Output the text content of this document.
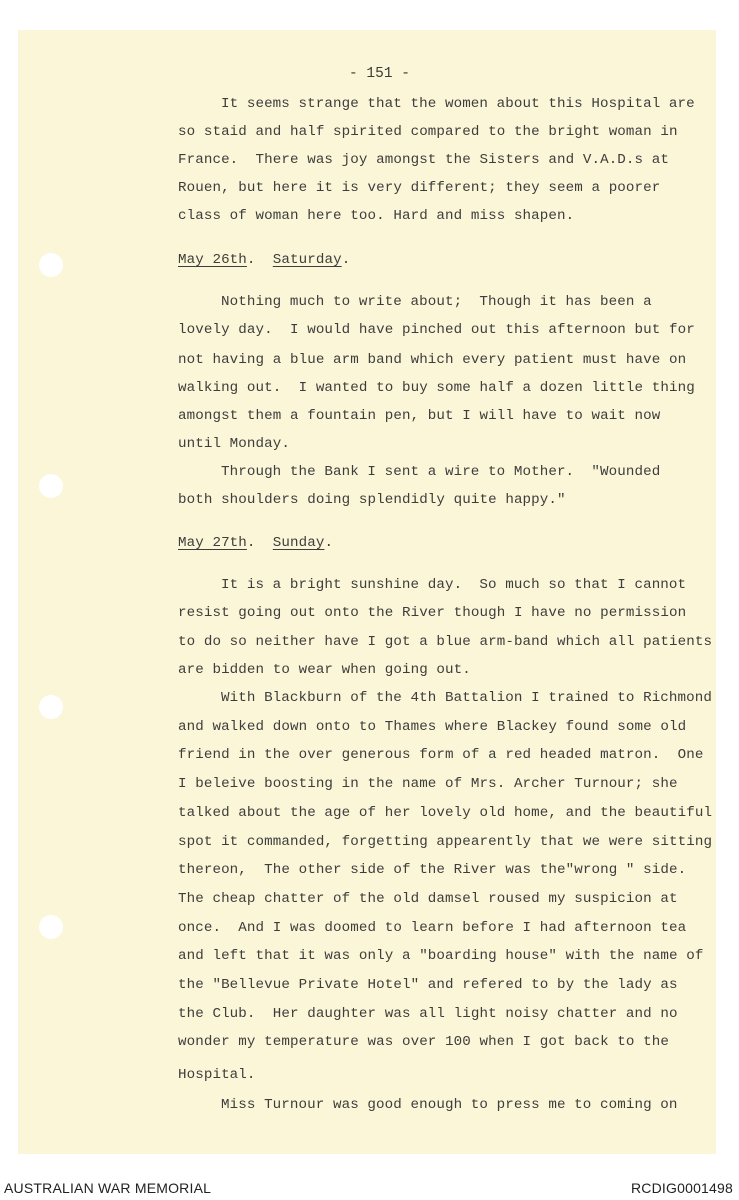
- 151 -
It seems strange that the women about this Hospital are
so staid and half spirited compared to the bright woman in
France.  There was joy amongst the Sisters and V.A.D.s at
Rouen, but here it is very different; they seem a poorer
class of woman here too. Hard and miss shapen.
May 26th.  Saturday.
Nothing much to write about;  Though it has been a
lovely day.  I would have pinched out this afternoon but for
not having a blue arm band which every patient must have on
walking out.  I wanted to buy some half a dozen little thing
amongst them a fountain pen, but I will have to wait now
until Monday.
Through the Bank I sent a wire to Mother.  "Wounded
both shoulders doing splendidly quite happy."
May 27th.  Sunday.
It is a bright sunshine day.  So much so that I cannot
resist going out onto the River though I have no permission
to do so neither have I got a blue arm-band which all patients
are bidden to wear when going out.
With Blackburn of the 4th Battalion I trained to Richmond
and walked down onto to Thames where Blackey found some old
friend in the over generous form of a red headed matron.  One
I beleive boosting in the name of Mrs. Archer Turnour; she
talked about the age of her lovely old home, and the beautiful
spot it commanded, forgetting appearently that we were sitting
thereon,  The other side of the River was the"wrong " side.
The cheap chatter of the old damsel roused my suspicion at
once.  And I was doomed to learn before I had afternoon tea
and left that it was only a "boarding house" with the name of
the "Bellevue Private Hotel" and refered to by the lady as
the Club.  Her daughter was all light noisy chatter and no
wonder my temperature was over 100 when I got back to the
Hospital.
Miss Turnour was good enough to press me to coming on
AUSTRALIAN WAR MEMORIAL	RCDIG0001498
